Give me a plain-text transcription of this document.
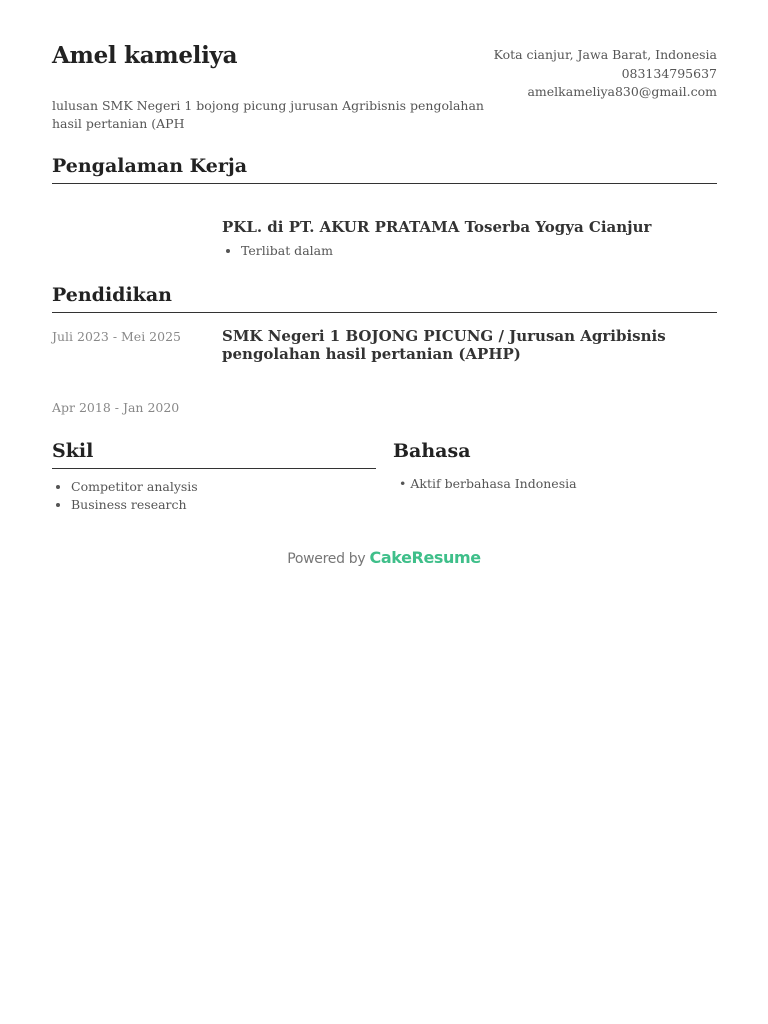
Amel kameliya

lulusan SMK Negeri 1 bojong picung jurusan Agribisnis pengolahan hasil pertanian (APH

Kota cianjur, Jawa Barat, Indonesia
083134795637
amelkameliya830@gmail.com
Pengalaman Kerja
PKL. di PT. AKUR PRATAMA Toserba Yogya Cianjur
• Terlibat dalam
Pendidikan
Juli 2023 - Mei 2025	SMK Negeri 1 BOJONG PICUNG / Jurusan Agribisnis pengolahan hasil pertanian (APHP)
Apr 2018 - Jan 2020
Skil
• Competitor analysis
• Business research
Bahasa
• Aktif berbahasa Indonesia
Powered by CakeResume
